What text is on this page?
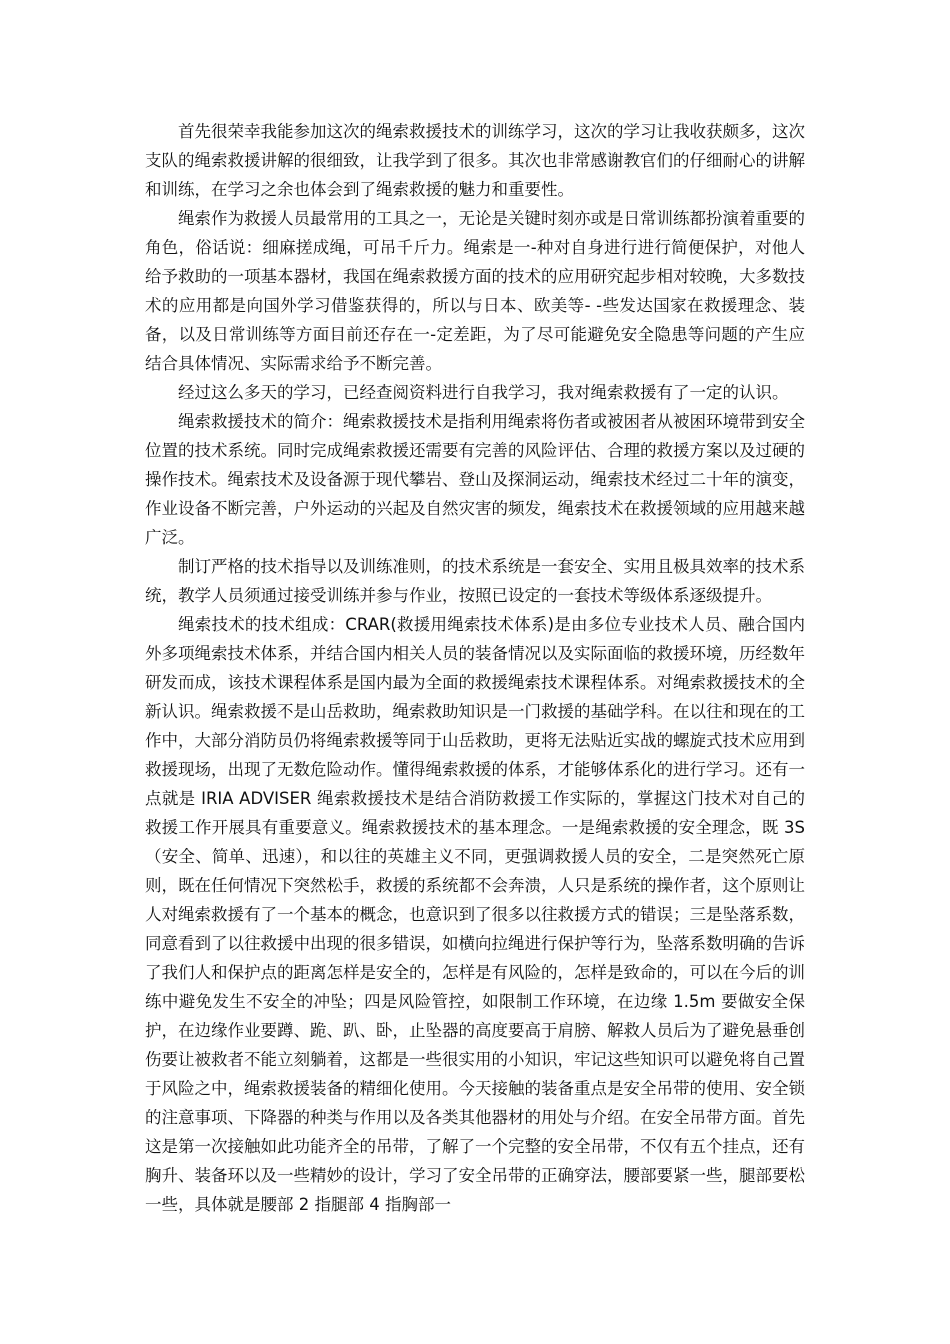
首先很荣幸我能参加这次的绳索救援技术的训练学习，这次的学习让我收获颇多，这次支队的绳索救援讲解的很细致，让我学到了很多。其次也非常感谢教官们的仔细耐心的讲解和训练，在学习之余也体会到了绳索救援的魅力和重要性。

绳索作为救援人员最常用的工具之一，无论是关键时刻亦或是日常训练都扮演着重要的角色，俗话说：细麻搓成绳，可吊千斤力。绳索是一-种对自身进行进行简便保护，对他人给予救助的一项基本器材，我国在绳索救援方面的技术的应用研究起步相对较晚，大多数技术的应用都是向国外学习借鉴获得的，所以与日本、欧美等- -些发达国家在救援理念、装备，以及日常训练等方面目前还存在一-定差距，为了尽可能避免安全隐患等问题的产生应结合具体情况、实际需求给予不断完善。

经过这么多天的学习，已经查阅资料进行自我学习，我对绳索救援有了一定的认识。

绳索救援技术的简介：绳索救援技术是指利用绳索将伤者或被困者从被困环境带到安全位置的技术系统。同时完成绳索救援还需要有完善的风险评估、合理的救援方案以及过硬的操作技术。绳索技术及设备源于现代攀岩、登山及探洞运动，绳索技术经过二十年的演变，作业设备不断完善，户外运动的兴起及自然灾害的频发，绳索技术在救援领域的应用越来越广泛。

制订严格的技术指导以及训练准则，的技术系统是一套安全、实用且极具效率的技术系统，教学人员须通过接受训练并参与作业，按照已设定的一套技术等级体系逐级提升。

绳索技术的技术组成：CRAR(救援用绳索技术体系)是由多位专业技术人员、融合国内外多项绳索技术体系，并结合国内相关人员的装备情况以及实际面临的救援环境，历经数年研发而成，该技术课程体系是国内最为全面的救援绳索技术课程体系。对绳索救援技术的全新认识。绳索救援不是山岳救助，绳索救助知识是一门救援的基础学科。在以往和现在的工作中，大部分消防员仍将绳索救援等同于山岳救助，更将无法贴近实战的螺旋式技术应用到救援现场，出现了无数危险动作。懂得绳索救援的体系，才能够体系化的进行学习。还有一点就是 IRIA ADVISER 绳索救援技术是结合消防救援工作实际的，掌握这门技术对自己的救援工作开展具有重要意义。绳索救援技术的基本理念。一是绳索救援的安全理念，既 3S（安全、简单、迅速），和以往的英雄主义不同，更强调救援人员的安全，二是突然死亡原则，既在任何情况下突然松手，救援的系统都不会奔溃，人只是系统的操作者，这个原则让人对绳索救援有了一个基本的概念，也意识到了很多以往救援方式的错误；三是坠落系数，同意看到了以往救援中出现的很多错误，如横向拉绳进行保护等行为，坠落系数明确的告诉了我们人和保护点的距离怎样是安全的，怎样是有风险的，怎样是致命的，可以在今后的训练中避免发生不安全的冲坠；四是风险管控，如限制工作环境，在边缘 1.5m 要做安全保护，在边缘作业要蹲、跪、趴、卧，止坠器的高度要高于肩膀、解救人员后为了避免悬垂创伤要让被救者不能立刻躺着，这都是一些很实用的小知识，牢记这些知识可以避免将自己置于风险之中，绳索救援装备的精细化使用。今天接触的装备重点是安全吊带的使用、安全锁的注意事项、下降器的种类与作用以及各类其他器材的用处与介绍。在安全吊带方面。首先这是第一次接触如此功能齐全的吊带，了解了一个完整的安全吊带，不仅有五个挂点，还有胸升、装备环以及一些精妙的设计，学习了安全吊带的正确穿法，腰部要紧一些，腿部要松一些，具体就是腰部 2 指腿部 4 指胸部一
